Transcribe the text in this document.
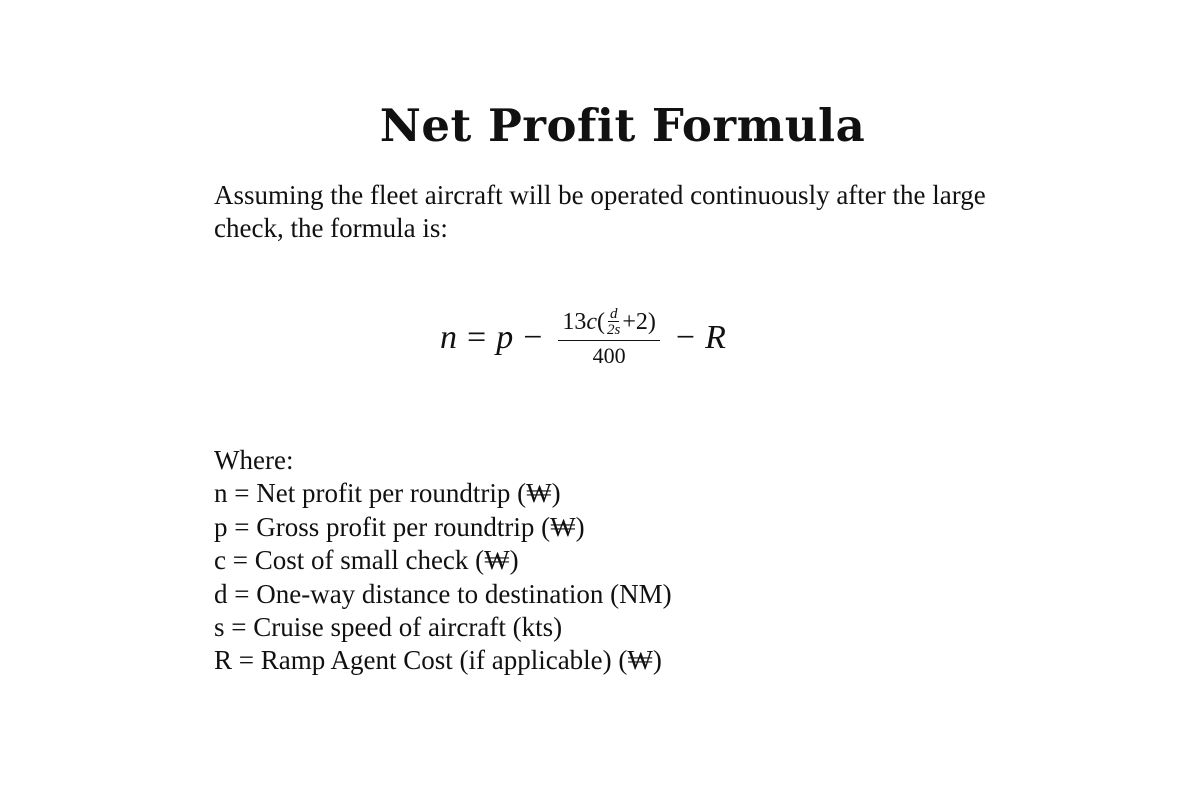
Net Profit Formula

Assuming the fleet aircraft will be operated continuously after the large check, the formula is:

$n = p - \frac{13 c ( \frac{d}{2s} +2)}{400} - R$
Where:
n = Net profit per roundtrip (₩)
p = Gross profit per roundtrip (₩)
c = Cost of small check (₩)
d = One-way distance to destination (NM)
s = Cruise speed of aircraft (kts)
R = Ramp Agent Cost (if applicable) (₩)
